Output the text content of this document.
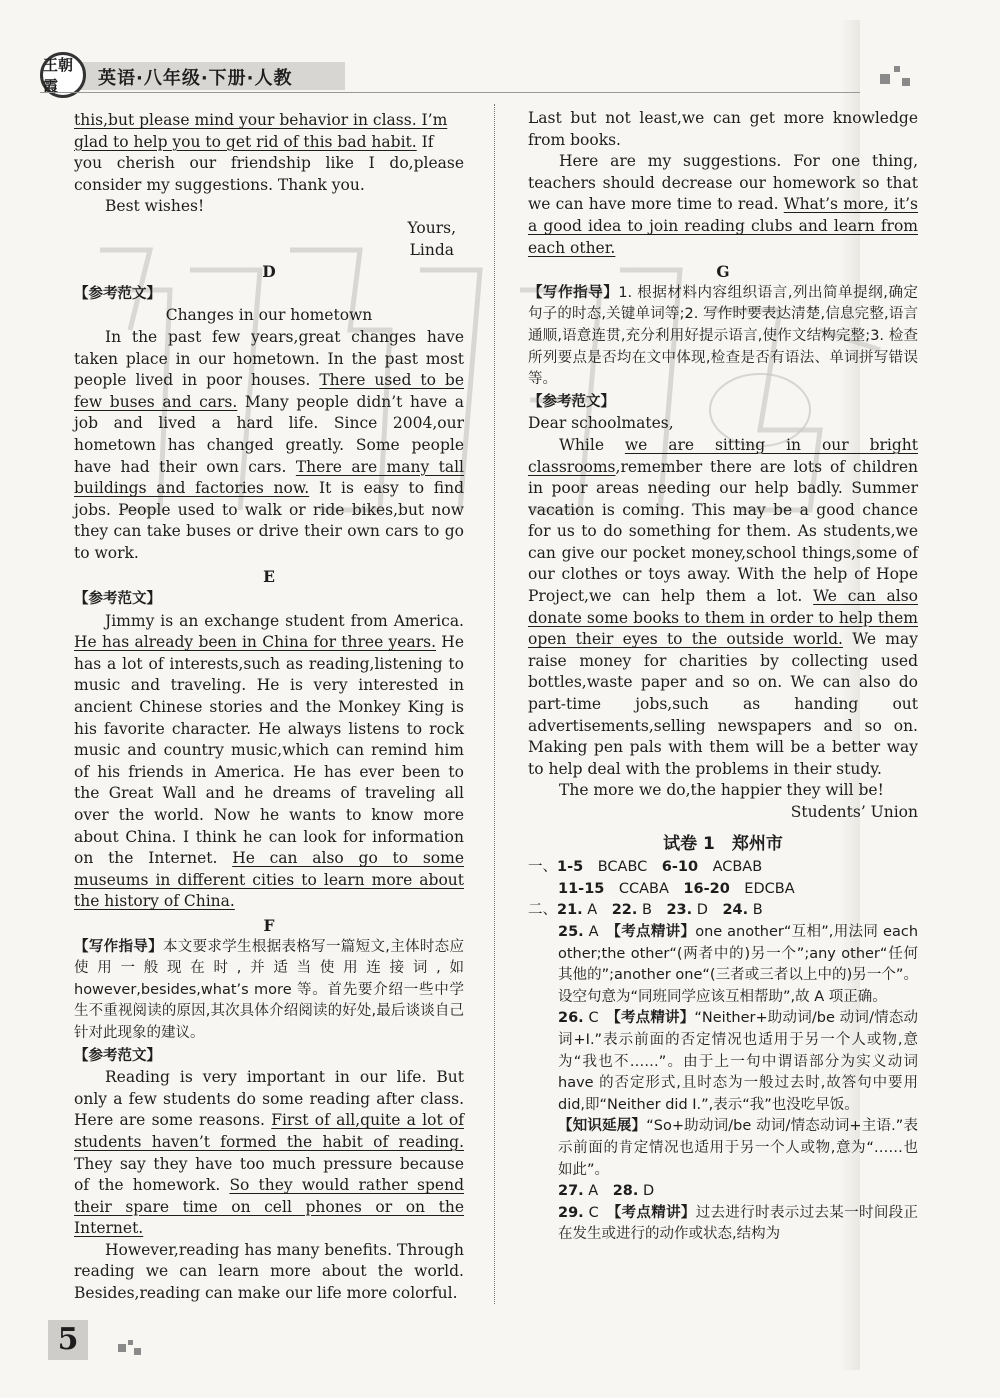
王朝霞	英语·八年级·下册·人教

this,but please mind your behavior in class. I’m

glad to help you to get rid of this bad habit. If

you cherish our friendship like I do,please consider my suggestions. Thank you.

Best wishes!

Yours,

Linda

D

【参考范文】

Changes in our hometown

In the past few years,great changes have taken place in our hometown. In the past most people lived in poor houses. There used to be few buses and cars. Many people didn’t have a job and lived a hard life. Since 2004,our hometown has changed greatly. Some people have had their own cars. There are many tall buildings and factories now. It is easy to find jobs. People used to walk or ride bikes,but now they can take buses or drive their own cars to go to work.

E

【参考范文】

Jimmy is an exchange student from America. He has already been in China for three years. He has a lot of interests,such as reading,listening to music and traveling. He is very interested in ancient Chinese stories and the Monkey King is his favorite character. He always listens to rock music and country music,which can remind him of his friends in America. He has ever been to the Great Wall and he dreams of traveling all over the world. Now he wants to know more about China. I think he can look for information on the Internet. He can also go to some museums in different cities to learn more about the history of China.

F

【写作指导】本文要求学生根据表格写一篇短文,主体时态应使用一般现在时,并适当使用连接词,如 however,besides,what’s more 等。首先要介绍一些中学生不重视阅读的原因,其次具体介绍阅读的好处,最后谈谈自己针对此现象的建议。

【参考范文】

Reading is very important in our life. But only a few students do some reading after class. Here are some reasons. First of all,quite a lot of students haven’t formed the habit of reading. They say they have too much pressure because of the homework. So they would rather spend their spare time on cell phones or on the Internet.

However,reading has many benefits. Through reading we can learn more about the world. Besides,reading can make our life more colorful.

Last but not least,we can get more knowledge from books.

Here are my suggestions. For one thing, teachers should decrease our homework so that we can have more time to read. What’s more, it’s a good idea to join reading clubs and learn from each other.

G

【写作指导】1. 根据材料内容组织语言,列出简单提纲,确定句子的时态,关键单词等;2. 写作时要表达清楚,信息完整,语言通顺,语意连贯,充分利用好提示语言,使作文结构完整;3. 检查所列要点是否均在文中体现,检查是否有语法、单词拼写错误等。

【参考范文】

Dear schoolmates,

While we are sitting in our bright classrooms,remember there are lots of children in poor areas needing our help badly. Summer vacation is coming. This may be a good chance for us to do something for them. As students,we can give our pocket money,school things,some of our clothes or toys away. With the help of Hope Project,we can help them a lot. We can also donate some books to them in order to help them open their eyes to the outside world. We may raise money for charities by collecting used bottles,waste paper and so on. We can also do part-time jobs,such as handing out advertisements,selling newspapers and so on. Making pen pals with them will be a better way to help deal with the problems in their study.

The more we do,the happier they will be!

Students’ Union

试卷 1　郑州市

一、1-5　 BCABC　 6-10　 ACBAB

11-15　 CCABA　 16-20　 EDCBA

二、21. A　 22. B　 23. D　 24. B

25. A　 【考点精讲】one another“互相”,用法同 each other;the other“(两者中的)另一个”;any other“任何其他的”;another one“(三者或三者以上中的)另一个”。设空句意为“同班同学应该互相帮助”,故 A 项正确。

26. C　 【考点精讲】“Neither+助动词/be 动词/情态动词+I.”表示前面的否定情况也适用于另一个人或物,意为“我也不……”。由于上一句中谓语部分为实义动词 have 的否定形式,且时态为一般过去时,故答句中要用 did,即“Neither did I.”,表示“我”也没吃早饭。

【知识延展】“So+助动词/be 动词/情态动词+主语.”表示前面的肯定情况也适用于另一个人或物,意为“……也如此”。

27. A　 28. D

29. C　 【考点精讲】过去进行时表示过去某一时间段正在发生或进行的动作或状态,结构为

5
